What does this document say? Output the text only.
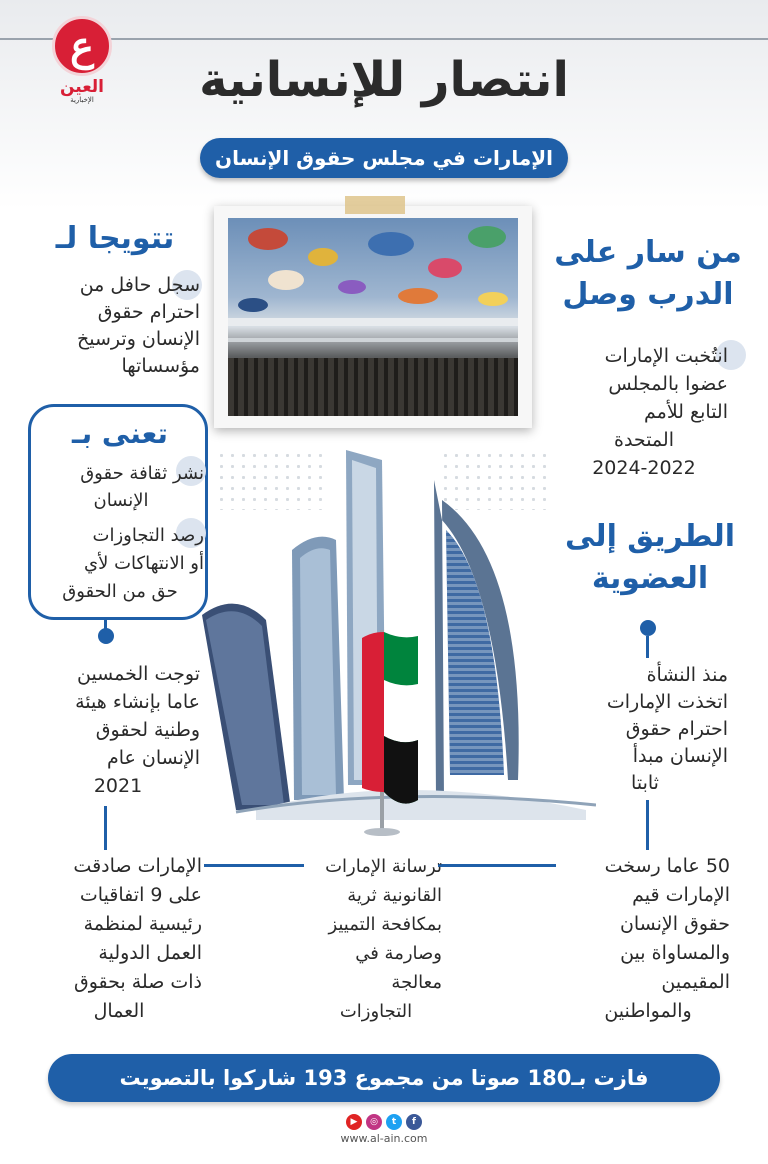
ع
العين
الإخبارية	انتصار للإنسانية
الإمارات في مجلس حقوق الإنسان
من سار على
الدرب وصل
انتُخبت الإمارات
عضوا بالمجلس
التابع للأمم
المتحدة
2024-2022
تتويجا لـ
سجل حافل من
احترام حقوق
الإنسان وترسيخ
مؤسساتها
تعنى بـ
نشر ثقافة حقوق
الإنسان
رصد التجاوزات
أو الانتهاكات لأي
حق من الحقوق
الطريق إلى
العضوية
منذ النشأة
اتخذت الإمارات
احترام حقوق
الإنسان مبدأ
ثابتا
توجت الخمسين
عاما بإنشاء هيئة
وطنية لحقوق
الإنسان عام
2021
50 عاما رسخت
الإمارات قيم
حقوق الإنسان
والمساواة بين
المقيمين
والمواطنين
ترسانة الإمارات
القانونية ثرية
بمكافحة التمييز
وصارمة في
معالجة
التجاوزات
الإمارات صادقت
على 9 اتفاقيات
رئيسية لمنظمة
العمل الدولية
ذات صلة بحقوق
العمال
فازت بـ180 صوتا من مجموع 193 شاركوا بالتصويت
▶	◎	t	f
www.al-ain.com
